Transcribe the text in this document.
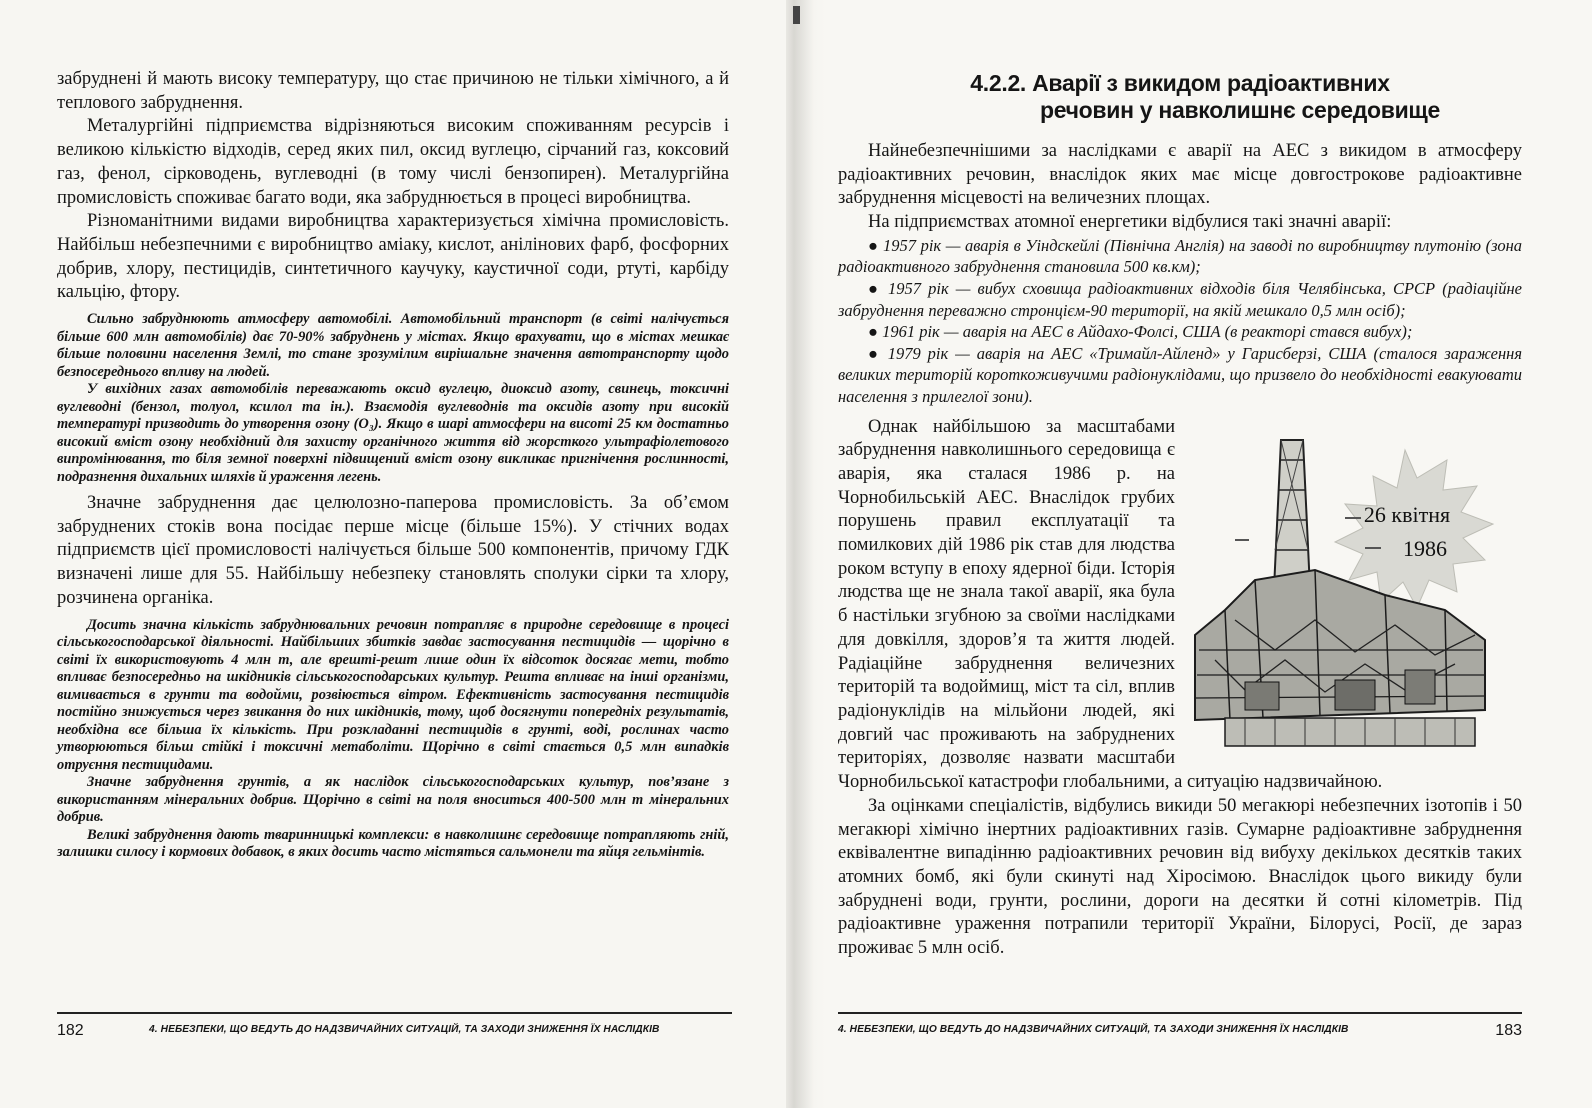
забруднені й мають високу температуру, що стає причиною не тільки хімічного, а й теплового забруднення.

Металургійні підприємства відрізняються високим споживанням ресурсів і великою кількістю відходів, серед яких пил, оксид вуглецю, сірчаний газ, коксовий газ, фенол, сірководень, вуглеводні (в тому числі бензопирен). Металургійна промисловість споживає багато води, яка забруднюється в процесі виробництва.

Різноманітними видами виробництва характеризується хімічна промисловість. Найбільш небезпечними є виробництво аміаку, кислот, анілінових фарб, фосфорних добрив, хлору, пестицидів, синтетичного каучуку, каустичної соди, ртуті, карбіду кальцію, фтору.

Сильно забруднюють атмосферу автомобілі. Автомобільний транспорт (в світі налічується більше 600 млн автомобілів) дає 70-90% забруднень у містах. Якщо врахувати, що в містах мешкає більше половини населення Землі, то стане зрозумілим вирішальне значення автотранспорту щодо безпосереднього впливу на людей.

У вихідних газах автомобілів переважають оксид вуглецю, диоксид азоту, свинець, токсичні вуглеводні (бензол, толуол, ксилол та ін.). Взаємодія вуглеводнів та оксидів азоту при високій температурі призводить до утворення озону (O₃). Якщо в шарі атмосфери на висоті 25 км достатньо високий вміст озону необхідний для захисту органічного життя від жорсткого ультрафіолетового випромінювання, то біля земної поверхні підвищений вміст озону викликає пригнічення рослинності, подразнення дихальних шляхів й ураження легень.

Значне забруднення дає целюлозно-паперова промисловість. За об’ємом забруднених стоків вона посідає перше місце (більше 15%). У стічних водах підприємств цієї промисловості налічується більше 500 компонентів, причому ГДК визначені лише для 55. Найбільшу небезпеку становлять сполуки сірки та хлору, розчинена органіка.

Досить значна кількість забруднювальних речовин потрапляє в природне середовище в процесі сільськогосподарської діяльності. Найбільших збитків завдає застосування пестицидів — щорічно в світі їх використовують 4 млн т, але врешті-решт лише один їх відсоток досягає мети, тобто впливає безпосередньо на шкідників сільськогосподарських культур. Решта впливає на інші організми, вимивається в грунти та водойми, розвіюється вітром. Ефективність застосування пестицидів постійно знижується через звикання до них шкідників, тому, щоб досягнути попередніх результатів, необхідна все більша їх кількість. При розкладанні пестицидів в грунті, воді, рослинах часто утворюються більш стійкі і токсичні метаболіти. Щорічно в світі стається 0,5 млн випадків отруєння пестицидами.

Значне забруднення грунтів, а як наслідок сільськогосподарських культур, пов’язане з використанням мінеральних добрив. Щорічно в світі на поля вноситься 400-500 млн т мінеральних добрив.

Великі забруднення дають тваринницькі комплекси: в навколишнє середовище потрапляють гній, залишки силосу і кормових добавок, в яких досить часто містяться сальмонели та яйця гельмінтів.

182	4. НЕБЕЗПЕКИ, ЩО ВЕДУТЬ ДО НАДЗВИЧАЙНИХ СИТУАЦІЙ, ТА ЗАХОДИ ЗНИЖЕННЯ ЇХ НАСЛІДКІВ
4.2.2. Аварії з викидом радіоактивних
речовин у навколишнє середовище

Найнебезпечнішими за наслідками є аварії на АЕС з викидом в атмосферу радіоактивних речовин, внаслідок яких має місце довгострокове радіоактивне забруднення місцевості на величезних площах.

На підприємствах атомної енергетики відбулися такі значні аварії:

● 1957 рік — аварія в Уіндскейлі (Північна Англія) на заводі по виробництву плутонію (зона радіоактивного забруднення становила 500 кв.км);

● 1957 рік — вибух сховища радіоактивних відходів біля Челябінська, СРСР (радіаційне забруднення переважно стронцієм-90 території, на якій мешкало 0,5 млн осіб);

● 1961 рік — аварія на АЕС в Айдахо-Фолсі, США (в реакторі стався вибух);

● 1979 рік — аварія на АЕС «Тримайл-Айленд» у Гарисберзі, США (сталося зараження великих територій короткоживучими радіонуклідами, що призвело до необхідності евакуювати населення з прилеглої зони).

26 квітня
1986

Однак найбільшою за масштабами забруднення навколишнього середовища є аварія, яка сталася 1986 р. на Чорнобильській АЕС. Внаслідок грубих порушень правил експлуатації та помилкових дій 1986 рік став для людства роком вступу в епоху ядерної біди. Історія людства ще не знала такої аварії, яка була б настільки згубною за своїми наслідками для довкілля, здоров’я та життя людей. Радіаційне забруднення величезних територій та водоймищ, міст та сіл, вплив радіонуклідів на мільйони людей, які довгий час проживають на забруднених територіях, дозволяє назвати масштаби Чорнобильської катастрофи глобальними, а ситуацію надзвичайною.

За оцінками спеціалістів, відбулись викиди 50 мегакюрі небезпечних ізотопів і 50 мегакюрі хімічно інертних радіоактивних газів. Сумарне радіоактивне забруднення еквівалентне випадінню радіоактивних речовин від вибуху декількох десятків таких атомних бомб, які були скинуті над Хіросімою. Внаслідок цього викиду були забруднені води, грунти, рослини, дороги на десятки й сотні кілометрів. Під радіоактивне ураження потрапили території України, Білорусі, Росії, де зараз проживає 5 млн осіб.

4. НЕБЕЗПЕКИ, ЩО ВЕДУТЬ ДО НАДЗВИЧАЙНИХ СИТУАЦІЙ, ТА ЗАХОДИ ЗНИЖЕННЯ ЇХ НАСЛІДКІВ	183
